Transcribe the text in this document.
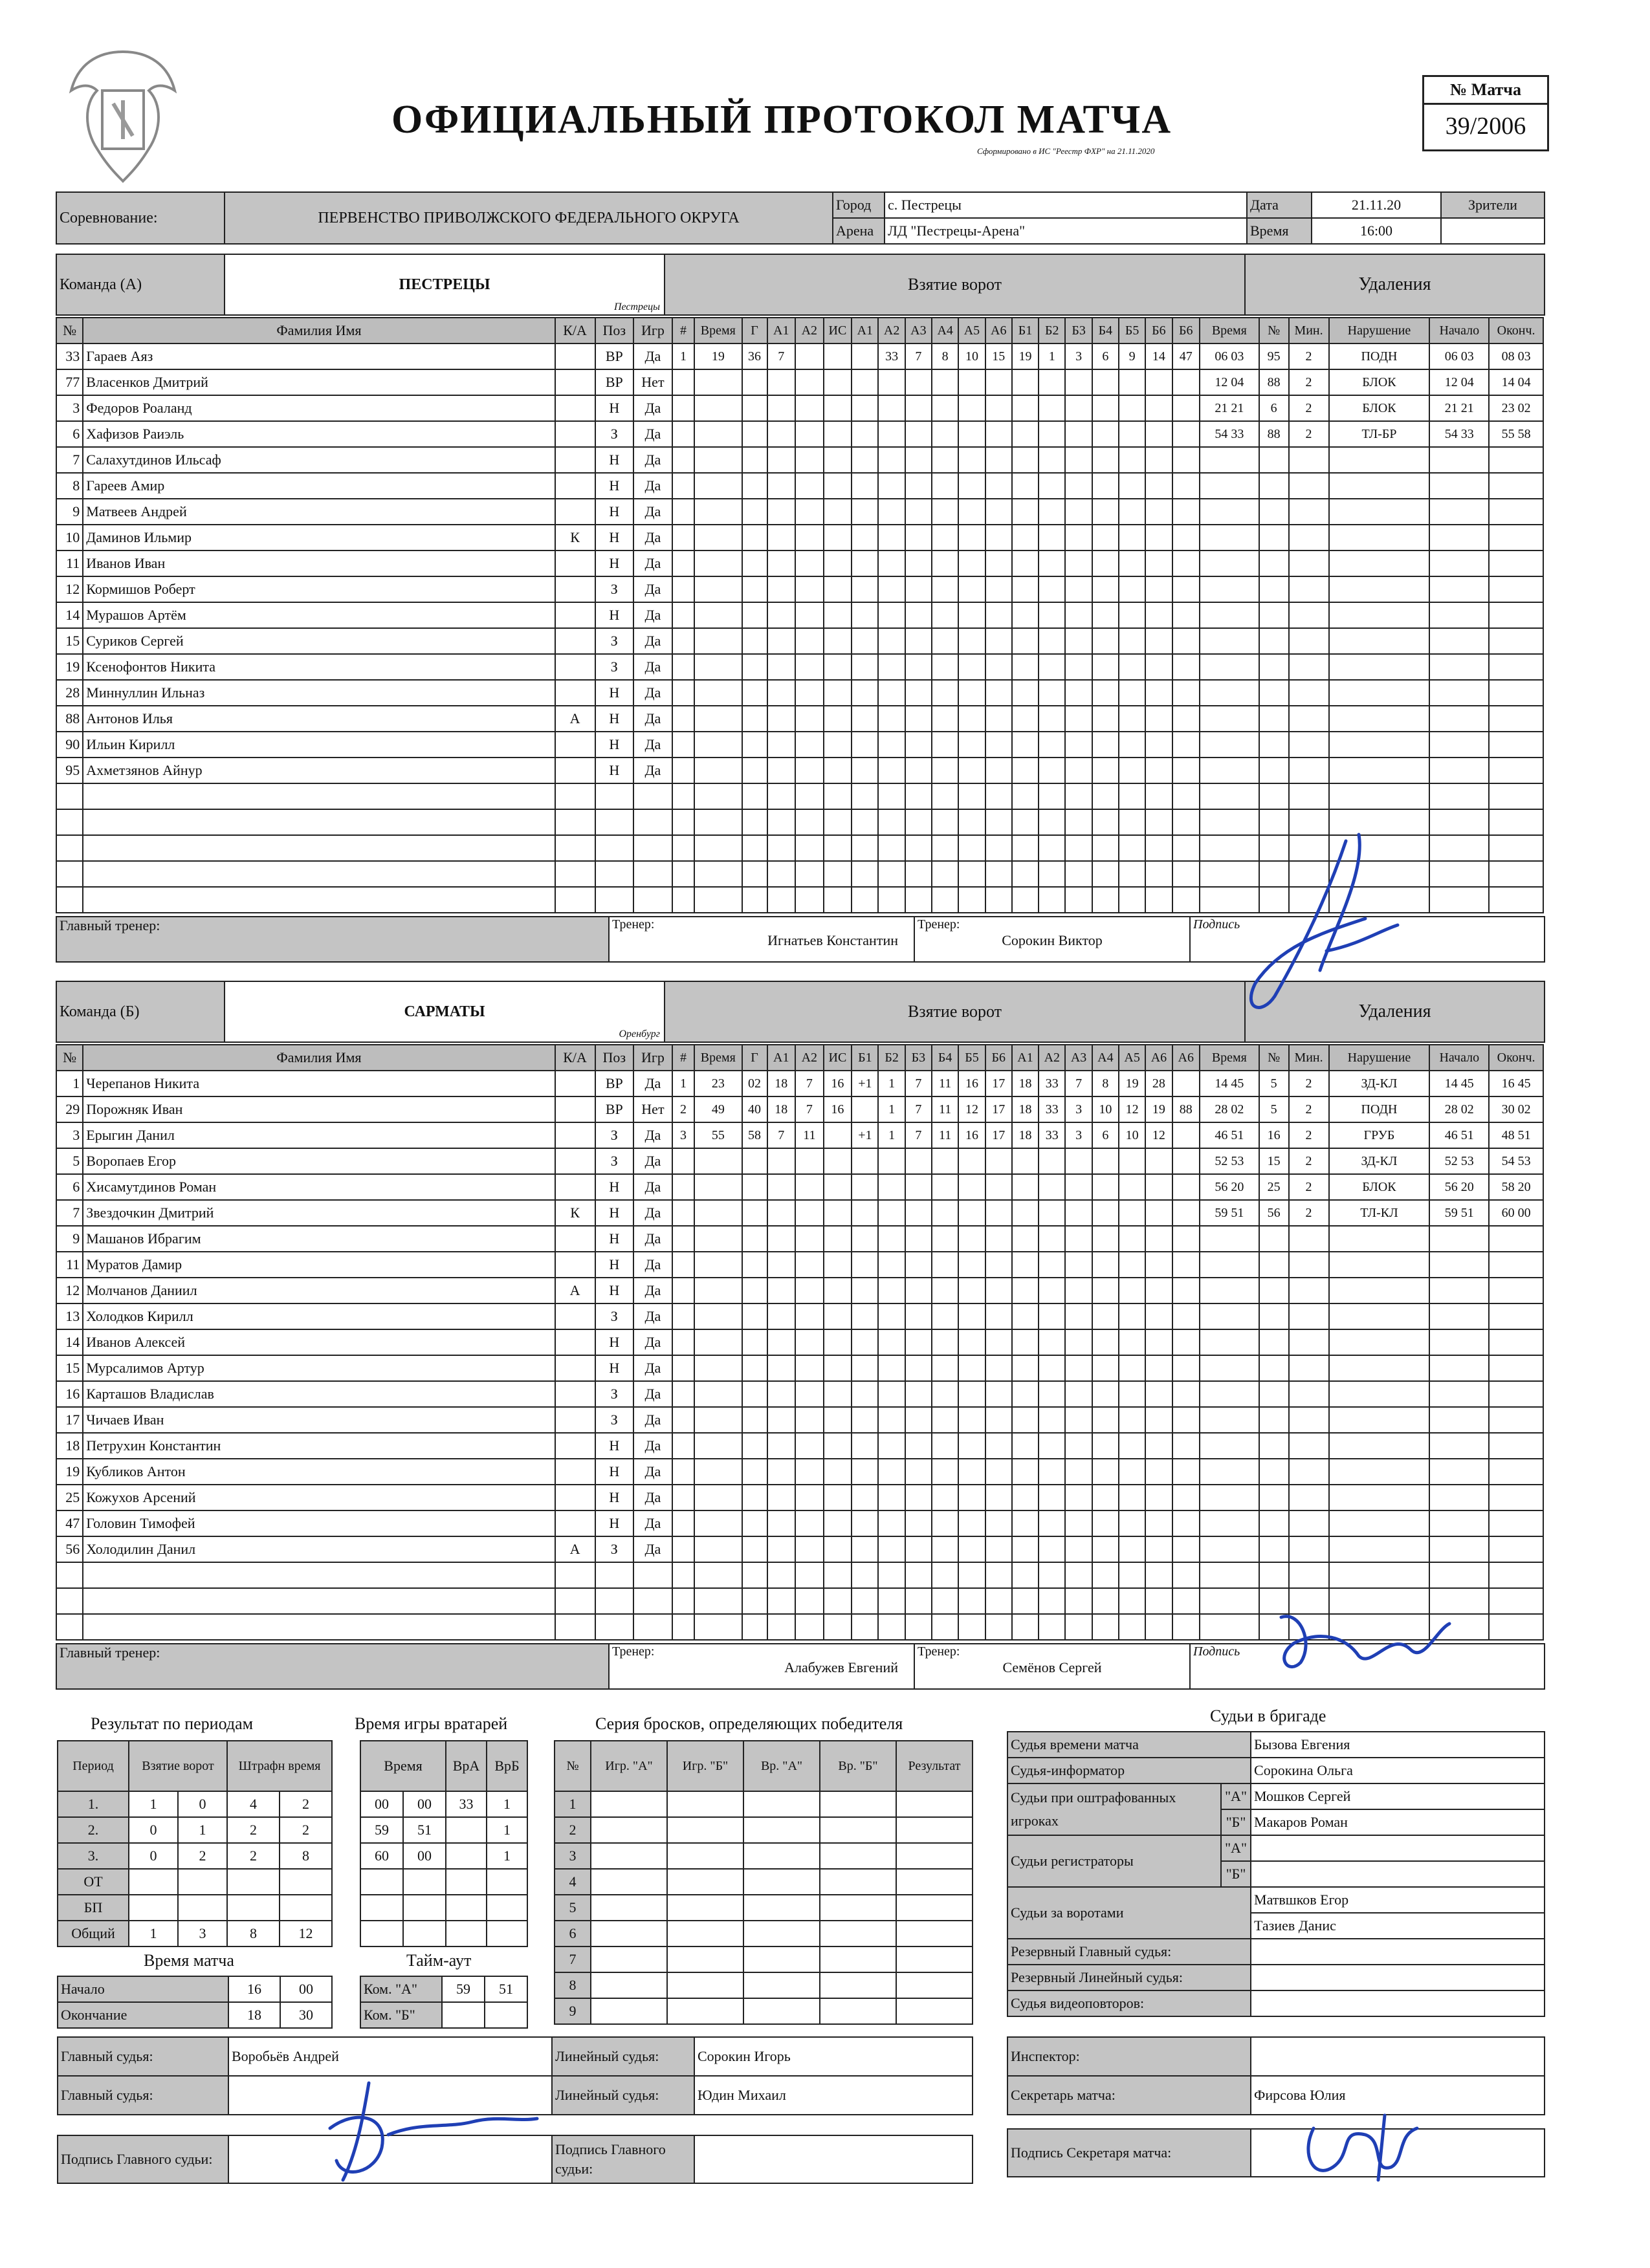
ОФИЦИАЛЬНЫЙ ПРОТОКОЛ МАТЧА
Сформировано в ИС "Реестр ФХР" на 21.11.2020
№ Матча
39/2006
Соревнование:	ПЕРВЕНСТВО ПРИВОЛЖСКОГО ФЕДЕРАЛЬНОГО ОКРУГА	Город	с. Пестрецы	Дата	21.11.20	Зрители
		Арена	ЛД "Пестрецы-Арена"	Время	16:00	
Команда (А)	ПЕСТРЕЦЫ
Пестрецы
	Взятие ворот	Удаления
№	Фамилия Имя	К/А	Поз	Игр	#	Время	Г	А1	А2	ИС	А1	А2	А3	А4	А5	А6	Б1	Б2	Б3	Б4	Б5	Б6	Б6	Время	№	Мин.	Нарушение	Начало	Оконч.
33	Гараев Аяз		ВР	Да	1	19	36	7				33	7	8	10	15	19	1	3	6	9	14	47	06 03	95	2	ПОДН	06 03	08 03
77	Власенков Дмитрий		ВР	Нет																				12 04	88	2	БЛОК	12 04	14 04
3	Федоров Роаланд		Н	Да																				21 21	6	2	БЛОК	21 21	23 02
6	Хафизов Раиэль		З	Да																				54 33	88	2	ТЛ-БР	54 33	55 58
7	Салахутдинов Ильсаф		Н	Да																									
8	Гареев Амир		Н	Да																									
9	Матвеев Андрей		Н	Да																									
10	Даминов Ильмир	К	Н	Да																									
11	Иванов Иван		Н	Да																									
12	Кормишов Роберт		З	Да																									
14	Мурашов Артём		Н	Да																									
15	Суриков Сергей		З	Да																									
19	Ксенофонтов Никита		З	Да																									
28	Миннуллин Ильназ		Н	Да																									
88	Антонов Илья	А	Н	Да																									
90	Ильин Кирилл		Н	Да																									
95	Ахметзянов Айнур		Н	Да																									

Главный тренер:	Тренер:
Игнатьев Константин

Тренер:
Сорокин Виктор
	Подпись
Команда (Б)	САРМАТЫ
Оренбург
	Взятие ворот	Удаления
№	Фамилия Имя	К/А	Поз	Игр	#	Время	Г	А1	А2	ИС	Б1	Б2	Б3	Б4	Б5	Б6	А1	А2	А3	А4	А5	А6	А6	Время	№	Мин.	Нарушение	Начало	Оконч.
1	Черепанов Никита		ВР	Да	1	23	02	18	7	16	+1	1	7	11	16	17	18	33	7	8	19	28		14 45	5	2	ЗД-КЛ	14 45	16 45
29	Порожняк Иван		ВР	Нет	2	49	40	18	7	16		1	7	11	12	17	18	33	3	10	12	19	88	28 02	5	2	ПОДН	28 02	30 02
3	Ерыгин Данил		З	Да	3	55	58	7	11		+1	1	7	11	16	17	18	33	3	6	10	12		46 51	16	2	ГРУБ	46 51	48 51
5	Воропаев Егор		З	Да																				52 53	15	2	ЗД-КЛ	52 53	54 53
6	Хисамутдинов Роман		Н	Да																				56 20	25	2	БЛОК	56 20	58 20
7	Звездочкин Дмитрий	К	Н	Да																				59 51	56	2	ТЛ-КЛ	59 51	60 00
9	Машанов Ибрагим		Н	Да																									
11	Муратов Дамир		Н	Да																									
12	Молчанов Даниил	А	Н	Да																									
13	Холодков Кирилл		З	Да																									
14	Иванов Алексей		Н	Да																									
15	Мурсалимов Артур		Н	Да																									
16	Карташов Владислав		З	Да																									
17	Чичаев Иван		З	Да																									
18	Петрухин Константин		Н	Да																									
19	Кубликов Антон		Н	Да																									
25	Кожухов Арсений		Н	Да																									
47	Головин Тимофей		Н	Да																									
56	Холодилин Данил	А	З	Да																									

Главный тренер:	Тренер:
Алабужев Евгений

Тренер:
Семёнов Сергей
	Подпись
Результат по периодам	Время игры вратарей	Серия бросков, определяющих победителя	Судьи в бригаде
Период	Взятие ворот		Штрафн время	
1.	1	0	4	2
2.	0	1	2	2
3.	0	2	2	8
ОТ				
БП				
Общий	1	3	8	12
Время		ВрА	ВрБ
00	00	33	1
59	51		1
60	00		1

№	Игр. "А"	Игр. "Б"	Вр. "А"	Вр. "Б"	Результат
1					
2					
3					
4					
5					
6					
7					
8					
9					
Время матча	Тайм-аут
Начало	16	00
Окончание	18	30
Ком. "А"	59	51
Ком. "Б"		
Судья времени матча		Бызова Евгения
Судья-информатор		Сорокина Ольга
Судьи при оштрафованных игроках	"А"	Мошков Сергей
	"Б"	Макаров Роман
Судьи регистраторы	"А"	
	"Б"	
Судьи за воротами		Матвшков Егор
		Тазиев Данис
Резервный Главный судья:		
Резервный Линейный судья:		
Судья видеоповторов:		
Главный судья:	Воробьёв Андрей	Линейный судья:	Сорокин Игорь
Главный судья:		Линейный судья:	Юдин Михаил
Подпись Главного судьи:		Подпись Главного судьи:	
Инспектор:	
Секретарь матча:	Фирсова Юлия
Подпись Секретаря матча:	
